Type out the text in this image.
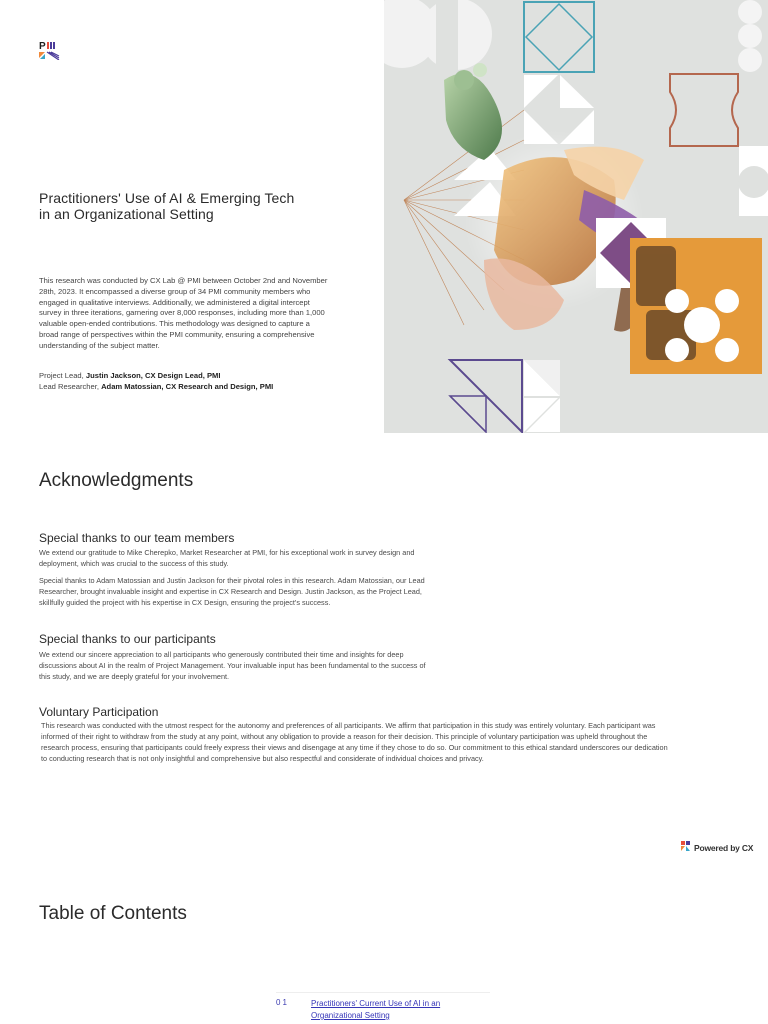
P
Practitioners' Use of AI & Emerging Tech
in an Organizational Setting
This research was conducted by CX Lab @ PMI between October 2nd and November 28th, 2023. It encompassed a diverse group of 34 PMI community members who engaged in qualitative interviews. Additionally, we administered a digital intercept survey in three iterations, garnering over 8,000 responses, including more than 1,000 valuable open-ended contributions. This methodology was designed to capture a broad range of perspectives within the PMI community, ensuring a comprehensive understanding of the subject matter.
Project Lead, Justin Jackson, CX Design Lead, PMI
Lead Researcher, Adam Matossian, CX Research and Design, PMI
Acknowledgments
Special thanks to our team members
We extend our gratitude to Mike Cherepko, Market Researcher at PMI, for his exceptional work in survey design and deployment, which was crucial to the success of this study.
Special thanks to Adam Matossian and Justin Jackson for their pivotal roles in this research. Adam Matossian, our Lead Researcher, brought invaluable insight and expertise in CX Research and Design. Justin Jackson, as the Project Lead, skillfully guided the project with his expertise in CX Design, ensuring the project's success.
Special thanks to our participants
We extend our sincere appreciation to all participants who generously contributed their time and insights for deep discussions about AI in the realm of Project Management. Your invaluable input has been fundamental to the success of this study, and we are deeply grateful for your involvement.
Voluntary Participation
This research was conducted with the utmost respect for the autonomy and preferences of all participants. We affirm that participation in this study was entirely voluntary. Each participant was informed of their right to withdraw from the study at any point, without any obligation to provide a reason for their decision. This principle of voluntary participation was upheld throughout the research process, ensuring that participants could freely express their views and disengage at any time if they chose to do so. Our commitment to this ethical standard underscores our dedication to conducting research that is not only insightful and comprehensive but also respectful and considerate of individual choices and privacy.
Powered by CX
Table of Contents
01	Practitioners' Current Use of AI in an Organizational Setting
